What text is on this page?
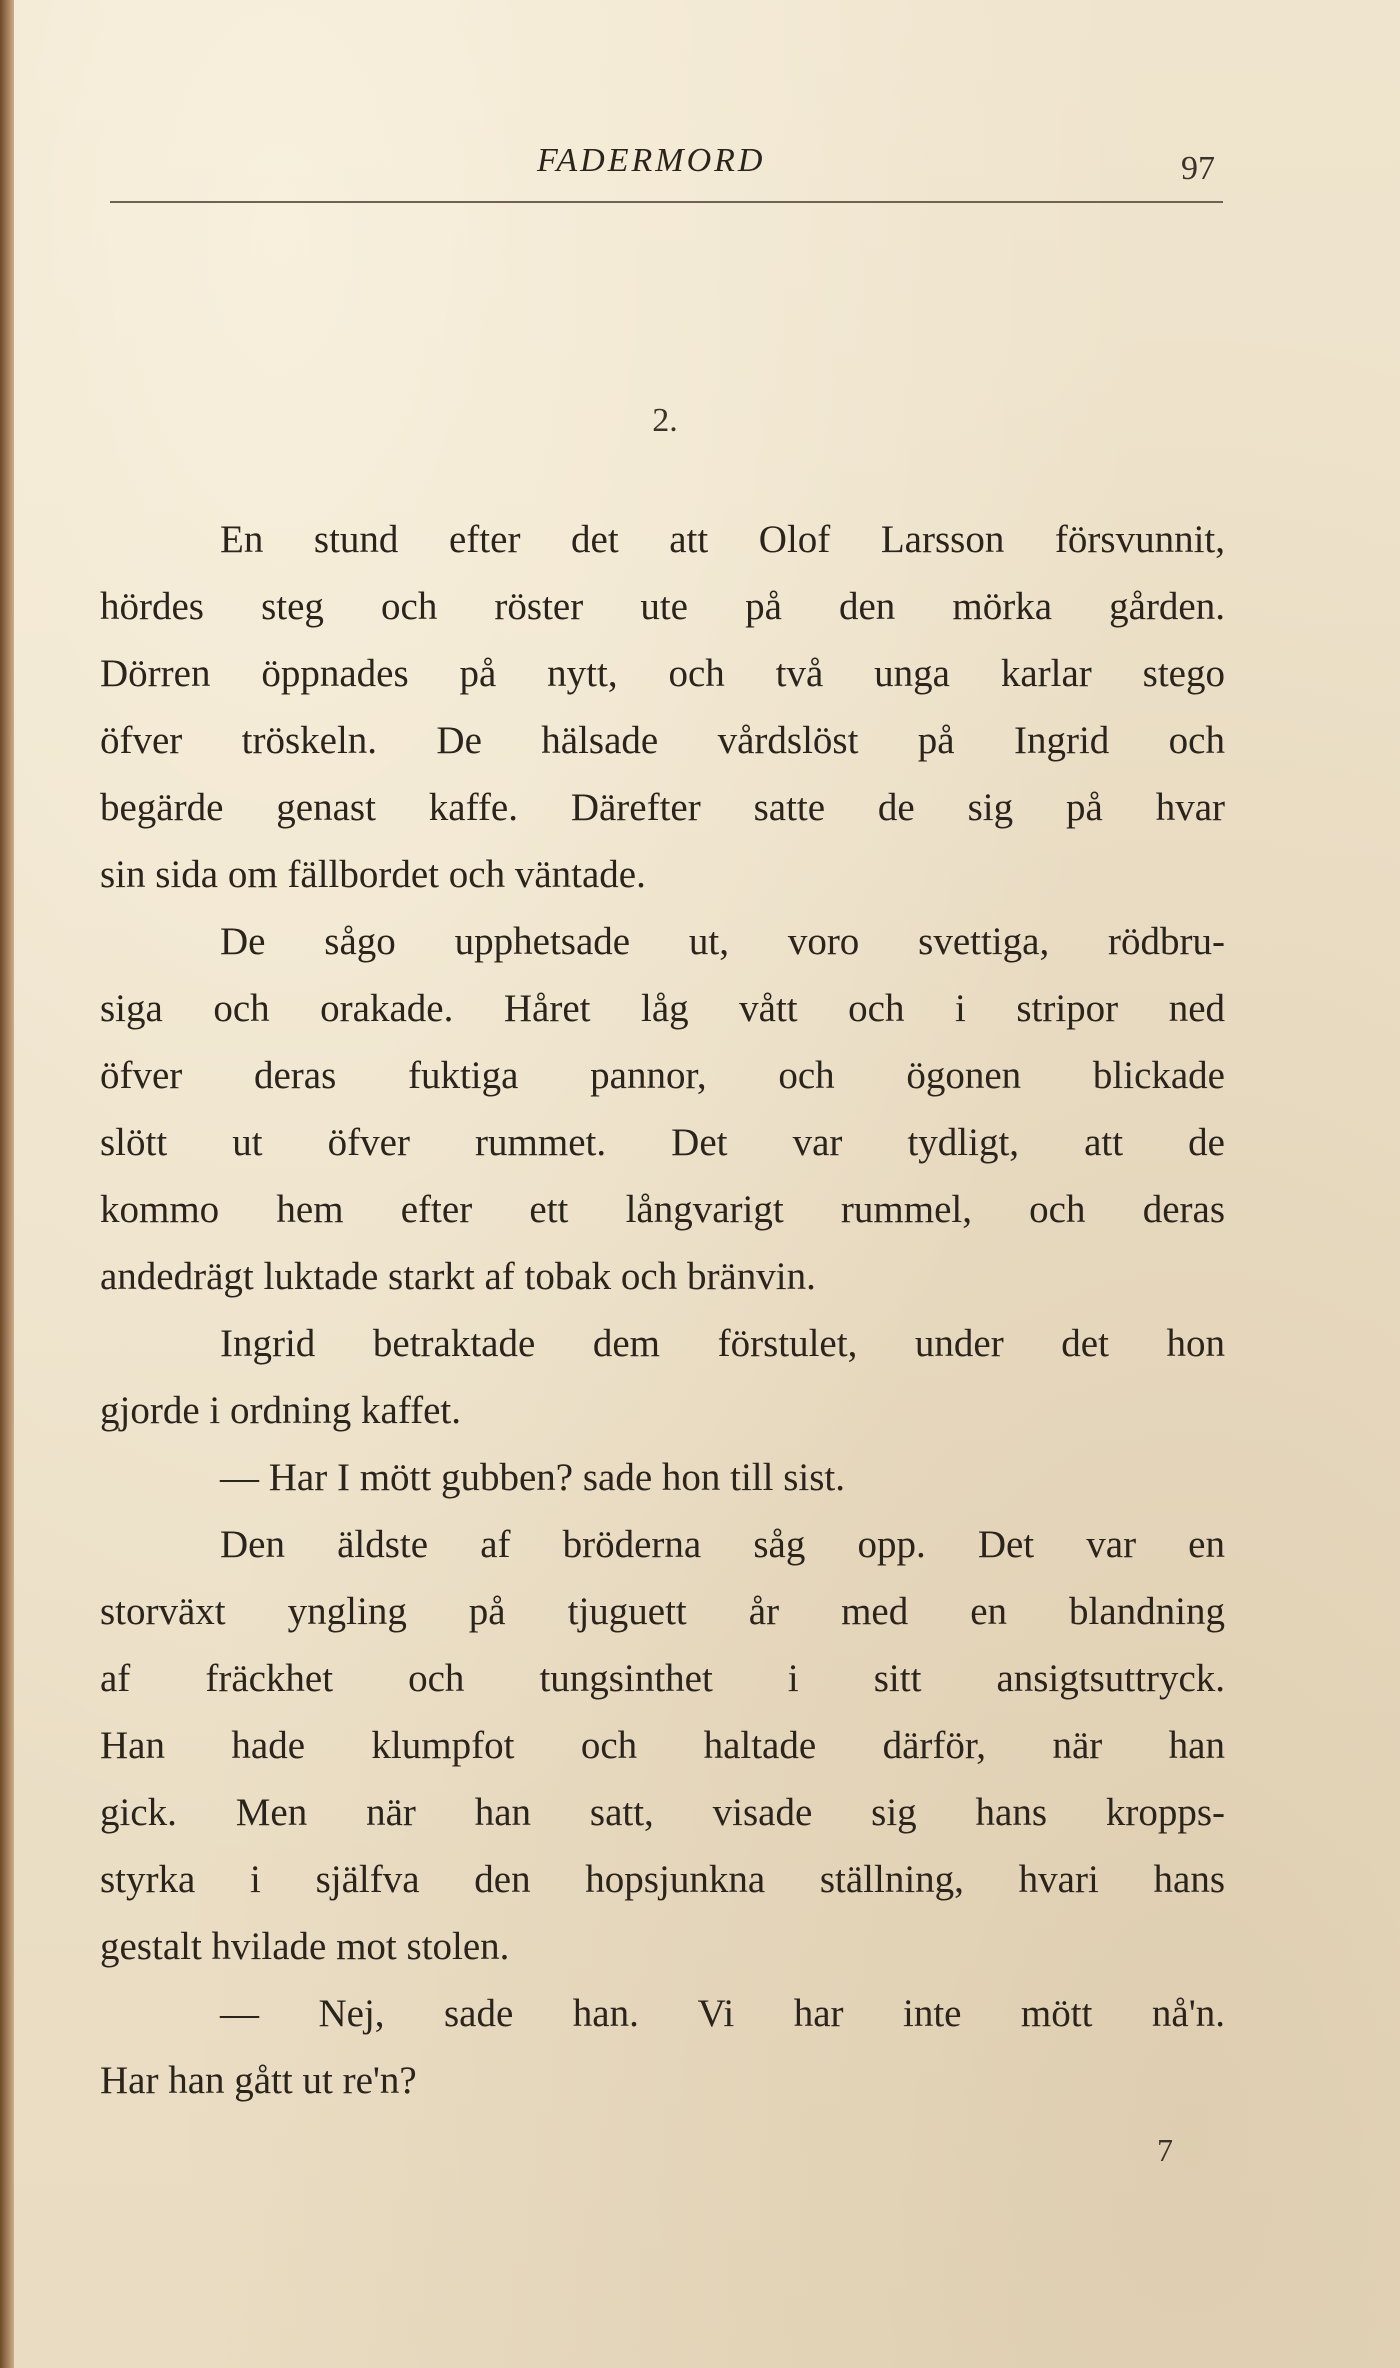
FADERMORD	97
2.
En stund efter det att Olof Larsson försvunnit,
hördes steg och röster ute på den mörka gården.
Dörren öppnades på nytt, och två unga karlar stego
öfver tröskeln. De hälsade vårdslöst på Ingrid och
begärde genast kaffe. Därefter satte de sig på hvar
sin sida om fällbordet och väntade.
De sågo upphetsade ut, voro svettiga, rödbru-
siga och orakade. Håret låg vått och i stripor ned
öfver deras fuktiga pannor, och ögonen blickade
slött ut öfver rummet. Det var tydligt, att de
kommo hem efter ett långvarigt rummel, och deras
andedrägt luktade starkt af tobak och bränvin.
Ingrid betraktade dem förstulet, under det hon
gjorde i ordning kaffet.
— Har I mött gubben? sade hon till sist.
Den äldste af bröderna såg opp. Det var en
storväxt yngling på tjuguett år med en blandning
af fräckhet och tungsinthet i sitt ansigtsuttryck.
Han hade klumpfot och haltade därför, när han
gick. Men när han satt, visade sig hans kropps-
styrka i själfva den hopsjunkna ställning, hvari hans
gestalt hvilade mot stolen.
— Nej, sade han. Vi har inte mött nå'n.
Har han gått ut re'n?
7
